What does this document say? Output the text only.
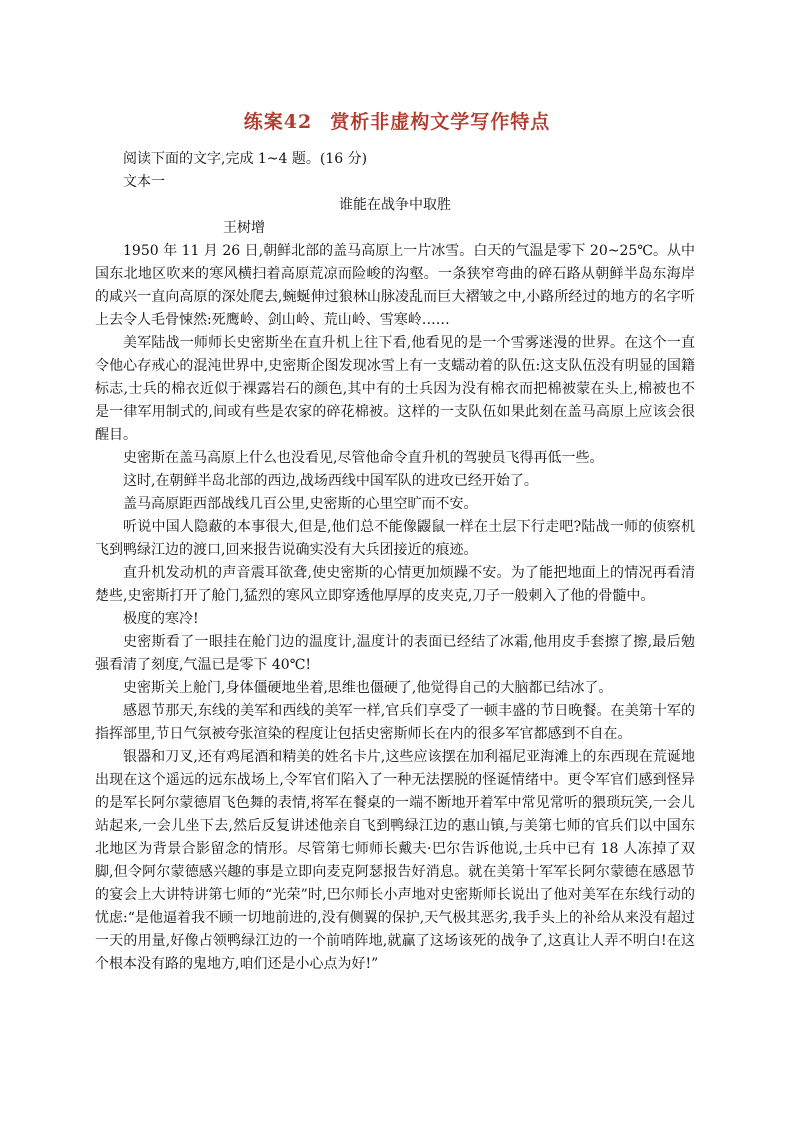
练案42 赏析非虚构文学写作特点

阅读下面的文字,完成 1~4 题。(16 分)

文本一

谁能在战争中取胜

王树增

1950 年 11 月 26 日,朝鲜北部的盖马高原上一片冰雪。白天的气温是零下 20~25℃。从中国东北地区吹来的寒风横扫着高原荒凉而险峻的沟壑。一条狭窄弯曲的碎石路从朝鲜半岛东海岸的咸兴一直向高原的深处爬去,蜿蜒伸过狼林山脉凌乱而巨大褶皱之中,小路所经过的地方的名字听上去令人毛骨悚然:死鹰岭、剑山岭、荒山岭、雪寒岭……

美军陆战一师师长史密斯坐在直升机上往下看,他看见的是一个雪雾迷漫的世界。在这个一直令他心存戒心的混沌世界中,史密斯企图发现冰雪上有一支蠕动着的队伍:这支队伍没有明显的国籍标志,士兵的棉衣近似于裸露岩石的颜色,其中有的士兵因为没有棉衣而把棉被蒙在头上,棉被也不是一律军用制式的,间或有些是农家的碎花棉被。这样的一支队伍如果此刻在盖马高原上应该会很醒目。

史密斯在盖马高原上什么也没看见,尽管他命令直升机的驾驶员飞得再低一些。

这时,在朝鲜半岛北部的西边,战场西线中国军队的进攻已经开始了。

盖马高原距西部战线几百公里,史密斯的心里空旷而不安。

听说中国人隐蔽的本事很大,但是,他们总不能像鼹鼠一样在土层下行走吧?陆战一师的侦察机飞到鸭绿江边的渡口,回来报告说确实没有大兵团接近的痕迹。

直升机发动机的声音震耳欲聋,使史密斯的心情更加烦躁不安。为了能把地面上的情况再看清楚些,史密斯打开了舱门,猛烈的寒风立即穿透他厚厚的皮夹克,刀子一般刺入了他的骨髓中。

极度的寒冷!

史密斯看了一眼挂在舱门边的温度计,温度计的表面已经结了冰霜,他用皮手套擦了擦,最后勉强看清了刻度,气温已是零下 40℃!

史密斯关上舱门,身体僵硬地坐着,思维也僵硬了,他觉得自己的大脑都已结冰了。

感恩节那天,东线的美军和西线的美军一样,官兵们享受了一顿丰盛的节日晚餐。在美第十军的指挥部里,节日气氛被夸张渲染的程度让包括史密斯师长在内的很多军官都感到不自在。

银器和刀叉,还有鸡尾酒和精美的姓名卡片,这些应该摆在加利福尼亚海滩上的东西现在荒诞地出现在这个遥远的远东战场上,令军官们陷入了一种无法摆脱的怪诞情绪中。更令军官们感到怪异的是军长阿尔蒙德眉飞色舞的表情,将军在餐桌的一端不断地开着军中常见常听的猥琐玩笑,一会儿站起来,一会儿坐下去,然后反复讲述他亲自飞到鸭绿江边的惠山镇,与美第七师的官兵们以中国东北地区为背景合影留念的情形。尽管第七师师长戴夫·巴尔告诉他说,士兵中已有 18 人冻掉了双脚,但令阿尔蒙德感兴趣的事是立即向麦克阿瑟报告好消息。就在美第十军军长阿尔蒙德在感恩节的宴会上大讲特讲第七师的“光荣”时,巴尔师长小声地对史密斯师长说出了他对美军在东线行动的忧虑:“是他逼着我不顾一切地前进的,没有侧翼的保护,天气极其恶劣,我手头上的补给从来没有超过一天的用量,好像占领鸭绿江边的一个前哨阵地,就赢了这场该死的战争了,这真让人弄不明白!在这个根本没有路的鬼地方,咱们还是小心点为好!”
